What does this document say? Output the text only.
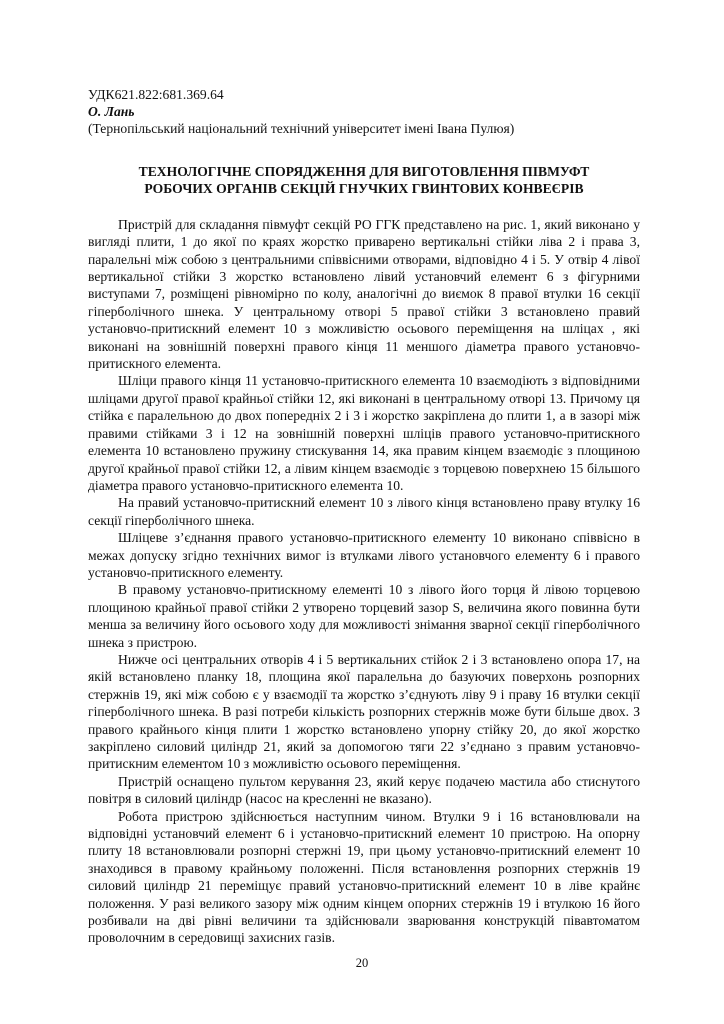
УДК621.822:681.369.64

О. Лань

(Тернопільський національний технічний університет імені Івана Пулюя)

ТЕХНОЛОГІЧНЕ СПОРЯДЖЕННЯ ДЛЯ ВИГОТОВЛЕННЯ ПІВМУФТ
РОБОЧИХ ОРГАНІВ СЕКЦІЙ ГНУЧКИХ ГВИНТОВИХ КОНВЕЄРІВ

Пристрій для складання півмуфт секцій РО ГГК представлено на рис. 1, який виконано у вигляді плити, 1 до якої по краях жорстко приварено вертикальні стійки ліва 2 і права 3, паралельні між собою з центральними співвісними отворами, відповідно 4 і 5. У отвір 4 лівої вертикальної стійки 3 жорстко встановлено лівий установчий елемент 6 з фігурними виступами 7, розміщені рівномірно по колу, аналогічні до виємок 8 правої втулки 16 секції гіперболічного шнека. У центральному отворі 5 правої стійки 3 встановлено правий установчо-притискний елемент 10 з можливістю осьового переміщення на шліцах , які виконані на зовнішній поверхні правого кінця 11 меншого діаметра правого установчо-притискного елемента.

Шліци правого кінця 11 установчо-притискного елемента 10 взаємодіють з відповідними шліцами другої правої крайньої стійки 12, які виконані в центральному отворі 13. Причому ця стійка є паралельною до двох попередніх 2 і 3 і жорстко закріплена до плити 1, а в зазорі між правими стійками 3 і 12 на зовнішній поверхні шліців правого установчо-притискного елемента 10 встановлено пружину стискування 14, яка правим кінцем взаємодіє з площиною другої крайньої правої стійки 12, а лівим кінцем взаємодіє з торцевою поверхнею 15 більшого діаметра правого установчо-притискного елемента 10.

На правий установчо-притискний елемент 10 з лівого кінця встановлено праву втулку 16 секції гіперболічного шнека.

Шліцеве з’єднання правого установчо-притискного елементу 10 виконано співвісно в межах допуску згідно технічних вимог із втулками лівого установчого елементу 6 і правого установчо-притискного елементу.

В правому установчо-притискному елементі 10 з лівого його торця й лівою торцевою площиною крайньої правої стійки 2 утворено торцевий зазор S, величина якого повинна бути менша за величину його осьового ходу для можливості знімання зварної секції гіперболічного шнека з пристрою.

Нижче осі центральних отворів 4 і 5 вертикальних стійок 2 і 3 встановлено опора 17, на якій встановлено планку 18, площина якої паралельна до базуючих поверхонь розпорних стержнів 19, які між собою є у взаємодії та жорстко з’єднують ліву 9 і праву 16 втулки секції гіперболічного шнека. В разі потреби кількість розпорних стержнів може бути більше двох. З правого крайнього кінця плити 1 жорстко встановлено упорну стійку 20, до якої жорстко закріплено силовий циліндр 21, який за допомогою тяги 22 з’єднано з правим установчо-притискним елементом 10 з можливістю осьового переміщення.

Пристрій оснащено пультом керування 23, який керує подачею мастила або стиснутого повітря в силовий циліндр (насос на кресленні не вказано).

Робота пристрою здійснюється наступним чином. Втулки 9 і 16 встановлювали на відповідні установчий елемент 6 і установчо-притискний елемент 10 пристрою. На опорну плиту 18 встановлювали розпорні стержні 19, при цьому установчо-притискний елемент 10 знаходився в правому крайньому положенні. Після встановлення розпорних стержнів 19 силовий циліндр 21 переміщує правий установчо-притискний елемент 10 в ліве крайнє положення. У разі великого зазору між одним кінцем опорних стержнів 19 і втулкою 16 його розбивали на дві рівні величини та здійснювали зварювання конструкцій півавтоматом проволочним в середовищі захисних газів.

20
